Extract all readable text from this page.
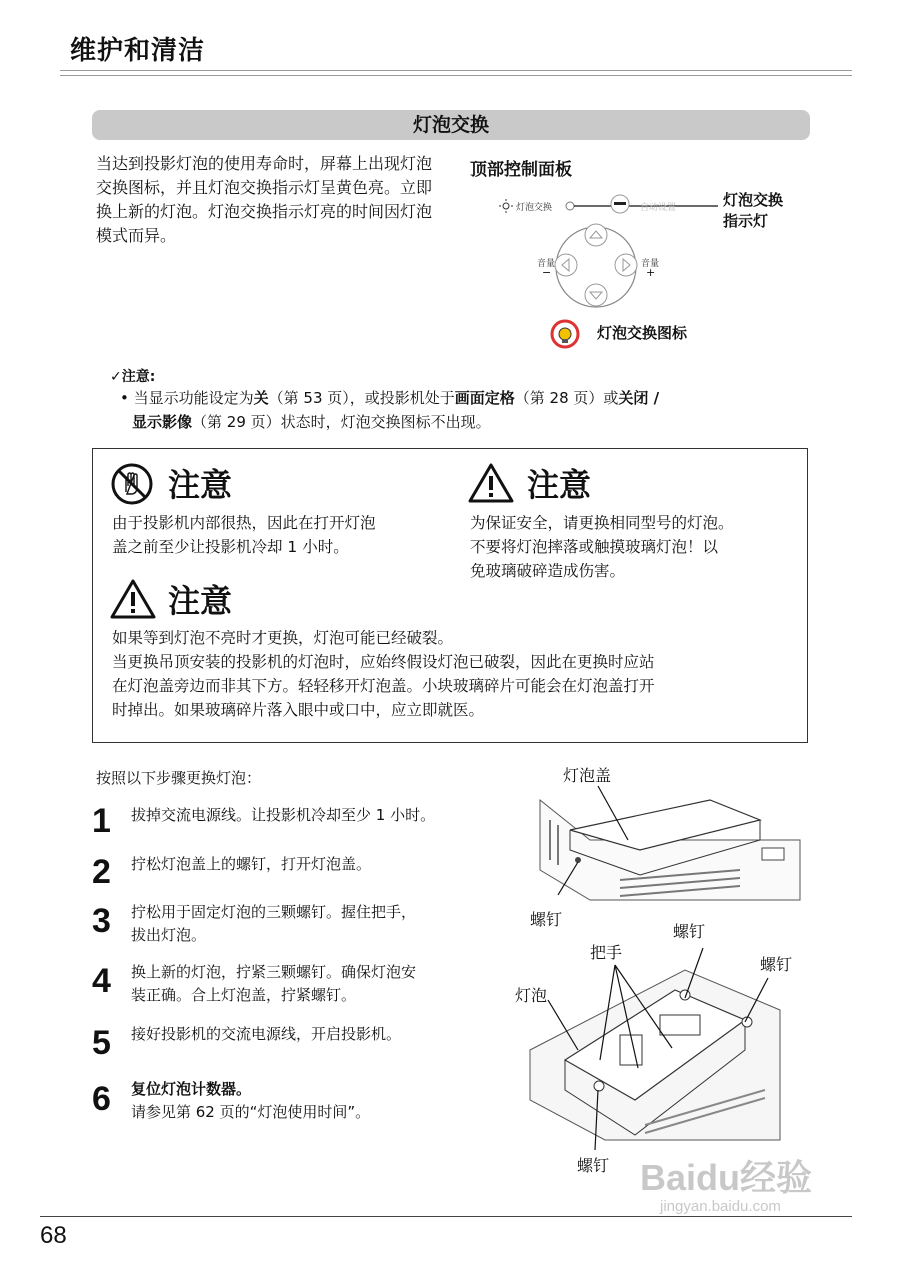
维护和清洁
灯泡交换
当达到投影灯泡的使用寿命时，屏幕上出现灯泡交换图标，并且灯泡交换指示灯呈黄色亮。立即换上新的灯泡。灯泡交换指示灯亮的时间因灯泡模式而异。
顶部控制面板
灯泡交换	自动设置
音量
−
音量
+
灯泡交换
指示灯
灯泡交换图标
✓注意:
• 当显示功能设定为关（第 53 页），或投影机处于画面定格（第 28 页）或关闭 /
显示影像（第 29 页）状态时，灯泡交换图标不出现。
注意
由于投影机内部很热，因此在打开灯泡
盖之前至少让投影机冷却 1 小时。
注意
为保证安全，请更换相同型号的灯泡。
不要将灯泡摔落或触摸玻璃灯泡！以
免玻璃破碎造成伤害。
注意
如果等到灯泡不亮时才更换，灯泡可能已经破裂。
当更换吊顶安装的投影机的灯泡时，应始终假设灯泡已破裂，因此在更换时应站
在灯泡盖旁边而非其下方。轻轻移开灯泡盖。小块玻璃碎片可能会在灯泡盖打开
时掉出。如果玻璃碎片落入眼中或口中，应立即就医。
按照以下步骤更换灯泡：
1 拔掉交流电源线。让投影机冷却至少 1 小时。
2 拧松灯泡盖上的螺钉，打开灯泡盖。
3 拧松用于固定灯泡的三颗螺钉。握住把手，
拔出灯泡。
4 换上新的灯泡，拧紧三颗螺钉。确保灯泡安
装正确。合上灯泡盖，拧紧螺钉。
5 接好投影机的交流电源线，开启投影机。
6 复位灯泡计数器。
请参见第 62 页的“灯泡使用时间”。
灯泡盖
螺钉
把手
螺钉
螺钉
灯泡
螺钉 Baidu经验
jingyan.baidu.com
68
